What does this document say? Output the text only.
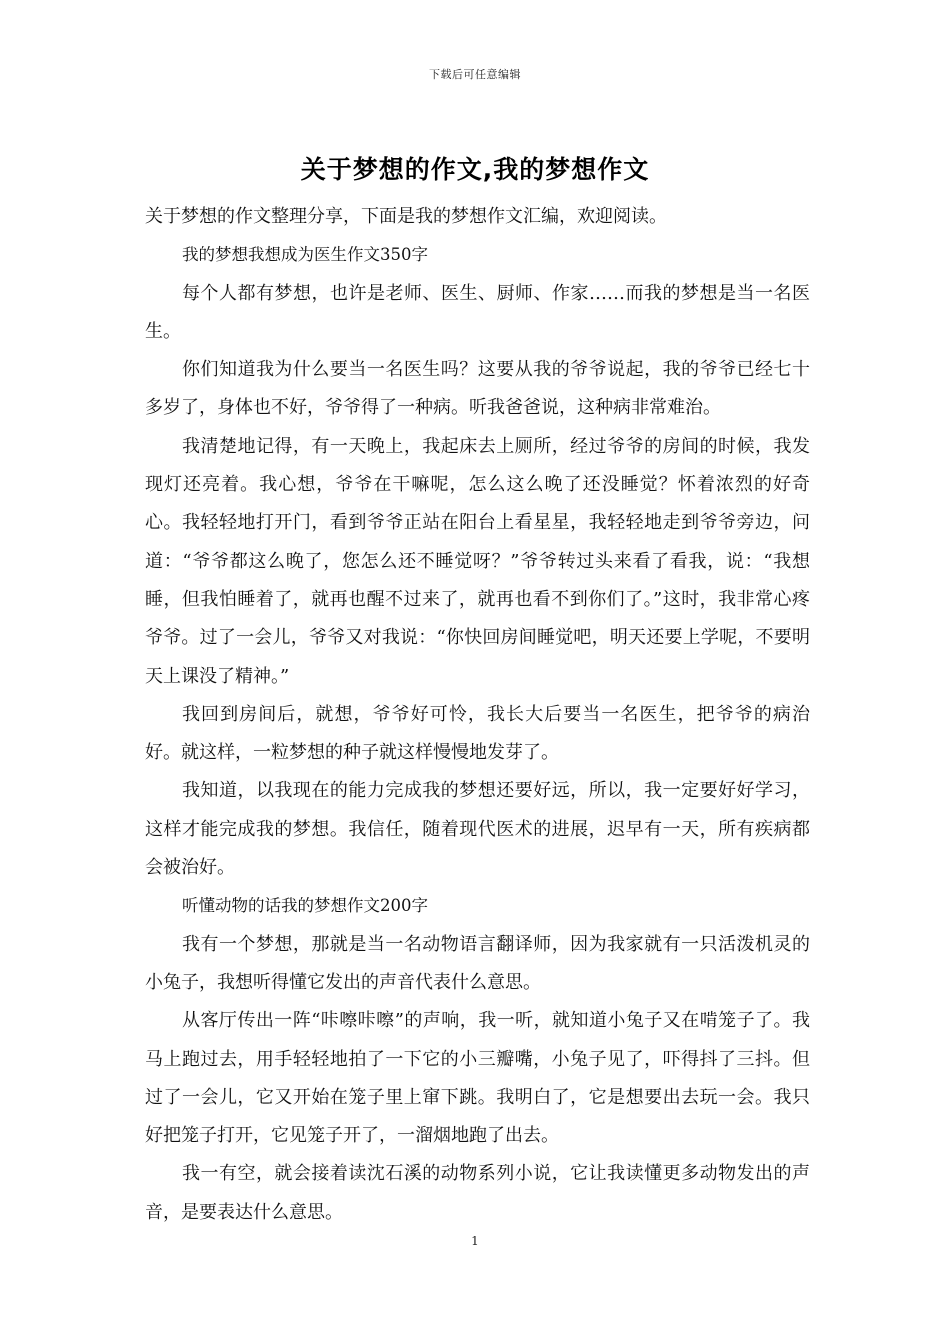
下载后可任意编辑
关于梦想的作文,我的梦想作文

关于梦想的作文整理分享，下面是我的梦想作文汇编，欢迎阅读。

我的梦想我想成为医生作文350字

每个人都有梦想，也许是老师、医生、厨师、作家……而我的梦想是当一名医生。

你们知道我为什么要当一名医生吗？这要从我的爷爷说起，我的爷爷已经七十多岁了，身体也不好，爷爷得了一种病。听我爸爸说，这种病非常难治。

我清楚地记得，有一天晚上，我起床去上厕所，经过爷爷的房间的时候，我发现灯还亮着。我心想，爷爷在干嘛呢，怎么这么晚了还没睡觉？怀着浓烈的好奇心。我轻轻地打开门，看到爷爷正站在阳台上看星星，我轻轻地走到爷爷旁边，问道：“爷爷都这么晚了，您怎么还不睡觉呀？”爷爷转过头来看了看我，说：“我想睡，但我怕睡着了，就再也醒不过来了，就再也看不到你们了。”这时，我非常心疼爷爷。过了一会儿，爷爷又对我说：“你快回房间睡觉吧，明天还要上学呢，不要明天上课没了精神。”

我回到房间后，就想，爷爷好可怜，我长大后要当一名医生，把爷爷的病治好。就这样，一粒梦想的种子就这样慢慢地发芽了。

我知道，以我现在的能力完成我的梦想还要好远，所以，我一定要好好学习，这样才能完成我的梦想。我信任，随着现代医术的进展，迟早有一天，所有疾病都会被治好。

听懂动物的话我的梦想作文200字

我有一个梦想，那就是当一名动物语言翻译师，因为我家就有一只活泼机灵的小兔子，我想听得懂它发出的声音代表什么意思。

从客厅传出一阵“咔嚓咔嚓”的声响，我一听，就知道小兔子又在啃笼子了。我马上跑过去，用手轻轻地拍了一下它的小三瓣嘴，小兔子见了，吓得抖了三抖。但过了一会儿，它又开始在笼子里上窜下跳。我明白了，它是想要出去玩一会。我只好把笼子打开，它见笼子开了，一溜烟地跑了出去。

我一有空，就会接着读沈石溪的动物系列小说，它让我读懂更多动物发出的声音，是要表达什么意思。

1
